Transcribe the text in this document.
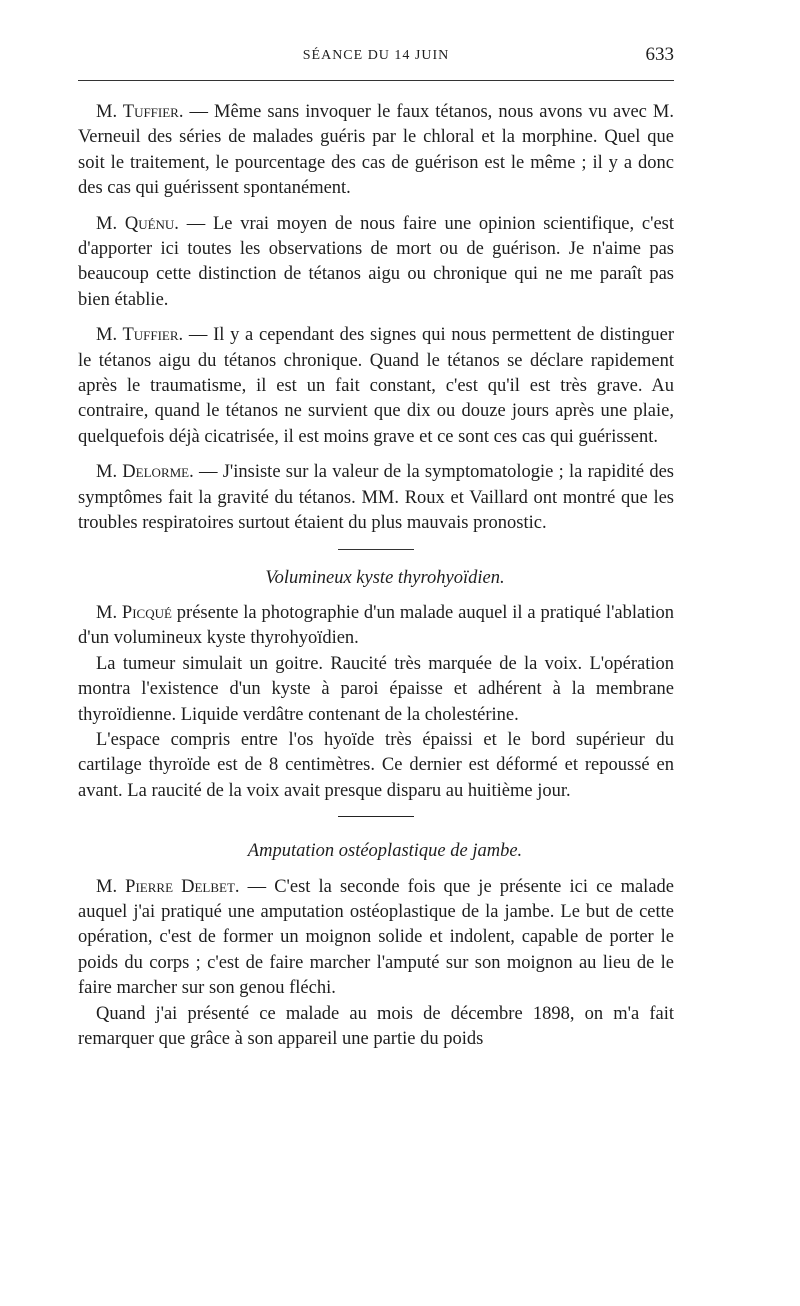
SÉANCE DU 14 JUIN	633

M. Tuffier. — Même sans invoquer le faux tétanos, nous avons vu avec M. Verneuil des séries de malades guéris par le chloral et la morphine. Quel que soit le traitement, le pourcentage des cas de guérison est le même ; il y a donc des cas qui guérissent spontanément.

M. Quénu. — Le vrai moyen de nous faire une opinion scientifique, c'est d'apporter ici toutes les observations de mort ou de guérison. Je n'aime pas beaucoup cette distinction de tétanos aigu ou chronique qui ne me paraît pas bien établie.

M. Tuffier. — Il y a cependant des signes qui nous permettent de distinguer le tétanos aigu du tétanos chronique. Quand le tétanos se déclare rapidement après le traumatisme, il est un fait constant, c'est qu'il est très grave. Au contraire, quand le tétanos ne survient que dix ou douze jours après une plaie, quelquefois déjà cicatrisée, il est moins grave et ce sont ces cas qui guérissent.

M. Delorme. — J'insiste sur la valeur de la symptomatologie ; la rapidité des symptômes fait la gravité du tétanos. MM. Roux et Vaillard ont montré que les troubles respiratoires surtout étaient du plus mauvais pronostic.

Volumineux kyste thyrohyoïdien.

M. Picqué présente la photographie d'un malade auquel il a pratiqué l'ablation d'un volumineux kyste thyrohyoïdien.

La tumeur simulait un goitre. Raucité très marquée de la voix. L'opération montra l'existence d'un kyste à paroi épaisse et adhérent à la membrane thyroïdienne. Liquide verdâtre contenant de la cholestérine.

L'espace compris entre l'os hyoïde très épaissi et le bord supérieur du cartilage thyroïde est de 8 centimètres. Ce dernier est déformé et repoussé en avant. La raucité de la voix avait presque disparu au huitième jour.

Amputation ostéoplastique de jambe.

M. Pierre Delbet. — C'est la seconde fois que je présente ici ce malade auquel j'ai pratiqué une amputation ostéoplastique de la jambe. Le but de cette opération, c'est de former un moignon solide et indolent, capable de porter le poids du corps ; c'est de faire marcher l'amputé sur son moignon au lieu de le faire marcher sur son genou fléchi.

Quand j'ai présenté ce malade au mois de décembre 1898, on m'a fait remarquer que grâce à son appareil une partie du poids
